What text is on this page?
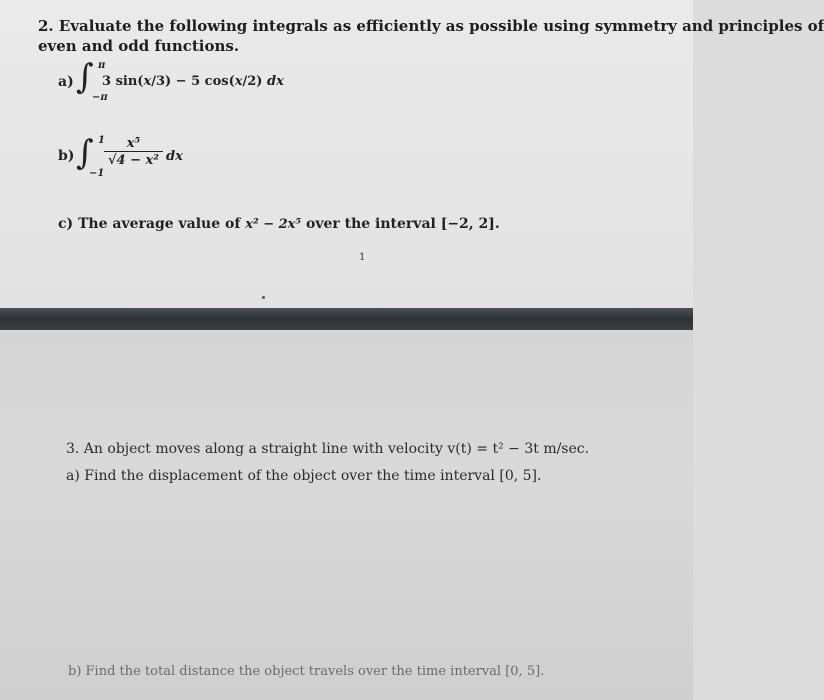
2. Evaluate the following integrals as efficiently as possible using symmetry and principles of
even and odd functions.
a) ∫ π
−π
3 sin(x/3) − 5 cos(x/2) dx
b) ∫ 1
−1
$\frac{\text{x⁵}}{\text{√4 − x²}}$ dx
c) The average value of x² − 2x⁵ over the interval [−2, 2].
1
3. An object moves along a straight line with velocity v(t) = t² − 3t m/sec.
a) Find the displacement of the object over the time interval [0, 5].
b) Find the total distance the object travels over the time interval [0, 5].
